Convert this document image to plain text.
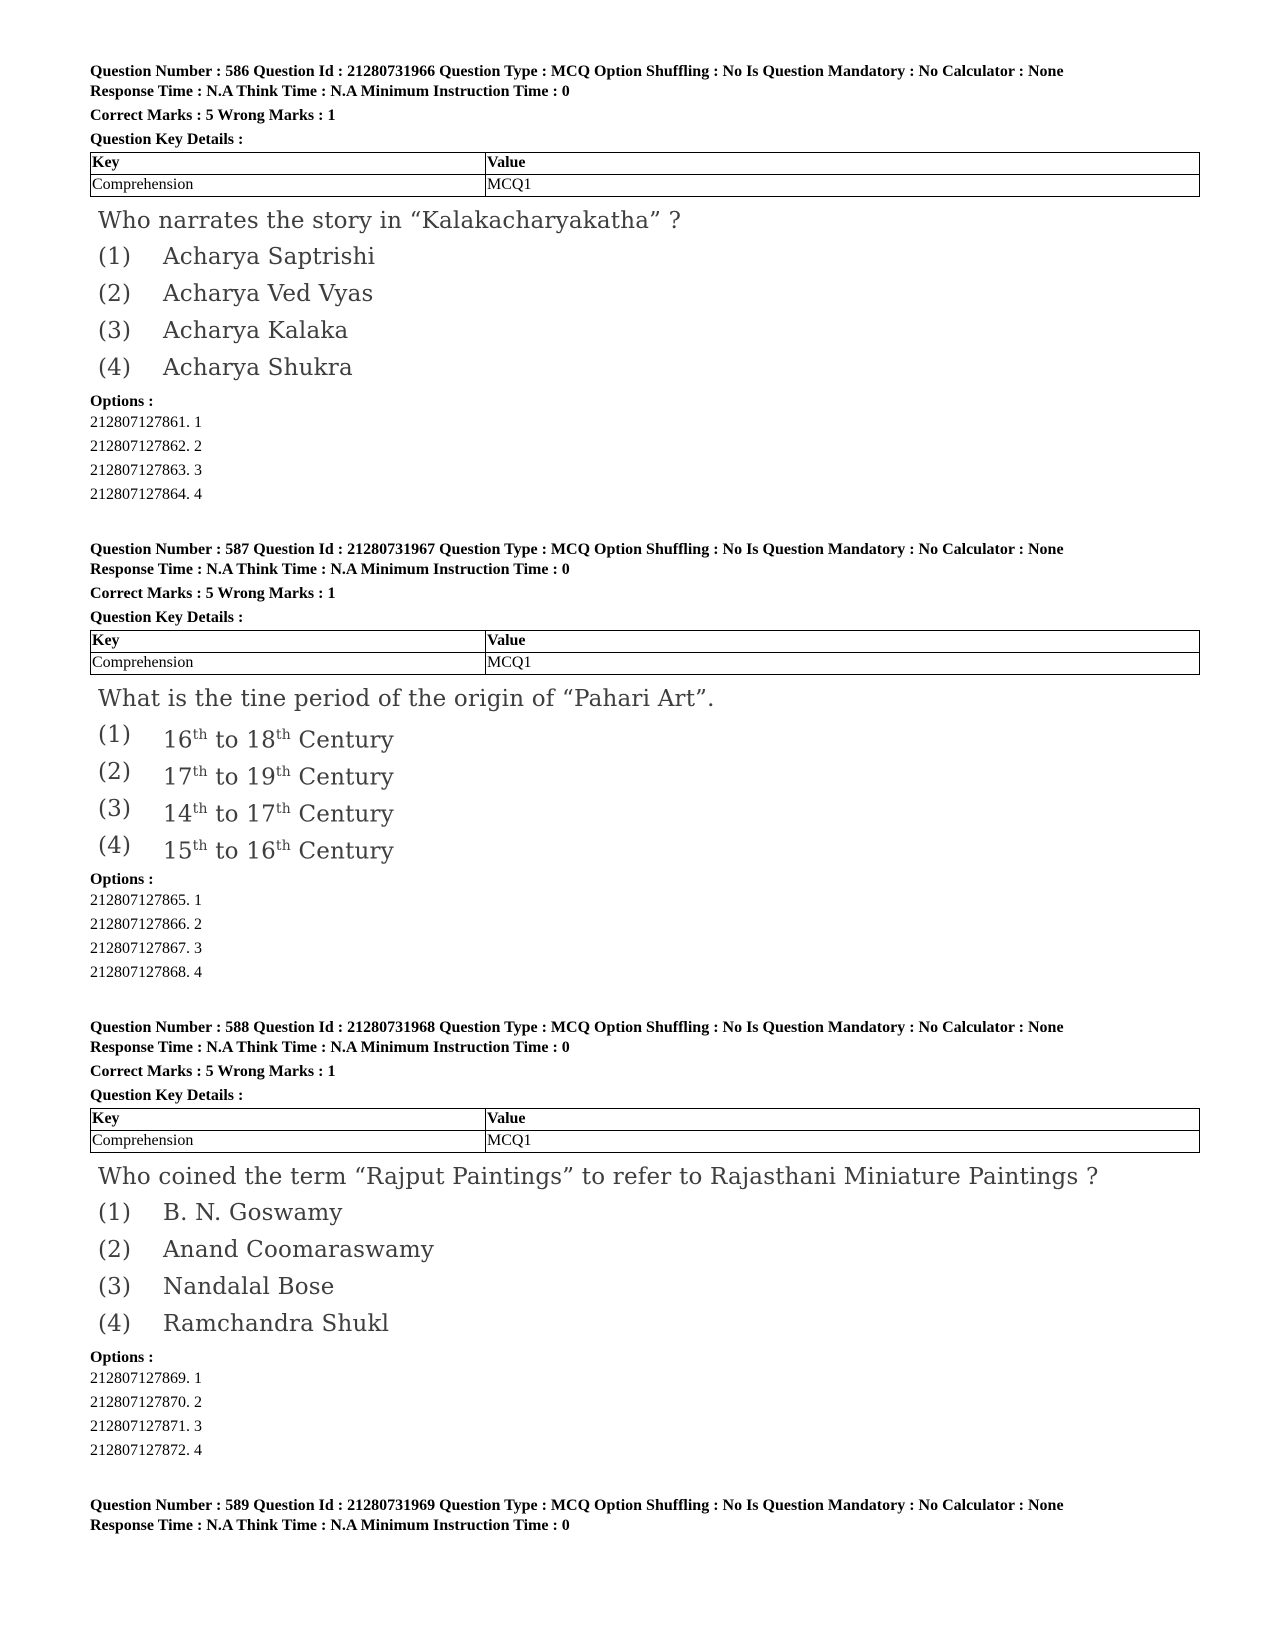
Question Number : 586 Question Id : 21280731966 Question Type : MCQ Option Shuffling : No Is Question Mandatory : No Calculator : None
Response Time : N.A Think Time : N.A Minimum Instruction Time : 0
Correct Marks : 5 Wrong Marks : 1
Question Key Details :
Key	Value
Comprehension	MCQ1
Who narrates the story in “Kalakacharyakatha” ?
(1)	Acharya Saptrishi
(2)	Acharya Ved Vyas
(3)	Acharya Kalaka
(4)	Acharya Shukra
Options :
212807127861. 1
212807127862. 2
212807127863. 3
212807127864. 4
Question Number : 587 Question Id : 21280731967 Question Type : MCQ Option Shuffling : No Is Question Mandatory : No Calculator : None
Response Time : N.A Think Time : N.A Minimum Instruction Time : 0
Correct Marks : 5 Wrong Marks : 1
Question Key Details :
Key	Value
Comprehension	MCQ1
What is the tine period of the origin of “Pahari Art”.
(1)	16th to 18th Century
(2)	17th to 19th Century
(3)	14th to 17th Century
(4)	15th to 16th Century
Options :
212807127865. 1
212807127866. 2
212807127867. 3
212807127868. 4
Question Number : 588 Question Id : 21280731968 Question Type : MCQ Option Shuffling : No Is Question Mandatory : No Calculator : None
Response Time : N.A Think Time : N.A Minimum Instruction Time : 0
Correct Marks : 5 Wrong Marks : 1
Question Key Details :
Key	Value
Comprehension	MCQ1
Who coined the term “Rajput Paintings” to refer to Rajasthani Miniature Paintings ?
(1)	B. N. Goswamy
(2)	Anand Coomaraswamy
(3)	Nandalal Bose
(4)	Ramchandra Shukl
Options :
212807127869. 1
212807127870. 2
212807127871. 3
212807127872. 4
Question Number : 589 Question Id : 21280731969 Question Type : MCQ Option Shuffling : No Is Question Mandatory : No Calculator : None
Response Time : N.A Think Time : N.A Minimum Instruction Time : 0
